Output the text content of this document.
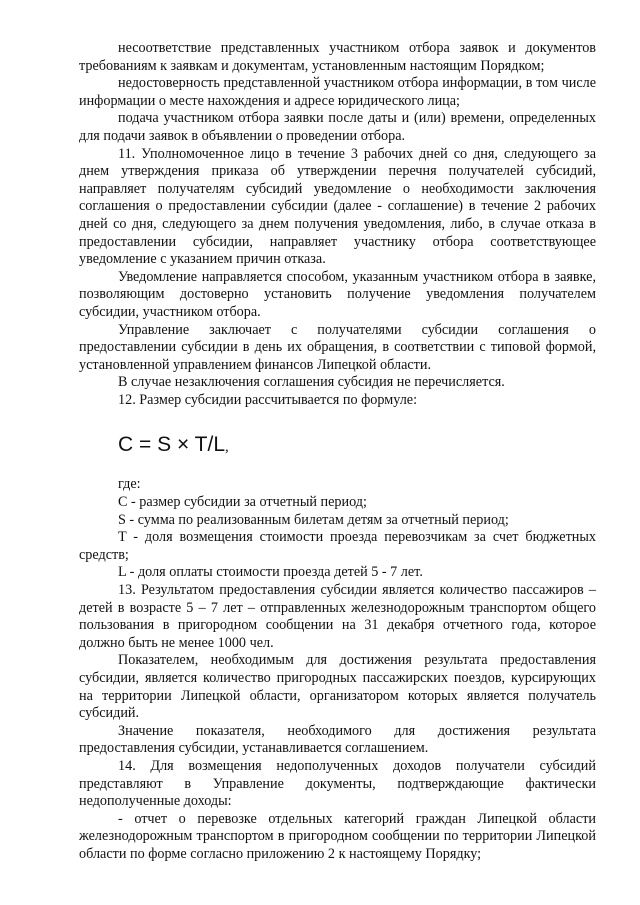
несоответствие представленных участником отбора заявок и документов требованиям к заявкам и документам, установленным настоящим Порядком;

недостоверность представленной участником отбора информации, в том числе информации о месте нахождения и адресе юридического лица;

подача участником отбора заявки после даты и (или) времени, определенных для подачи заявок в объявлении о проведении отбора.

11. Уполномоченное лицо в течение 3 рабочих дней со дня, следующего за днем утверждения приказа об утверждении перечня получателей субсидий, направляет получателям субсидий уведомление о необходимости заключения соглашения о предоставлении субсидии (далее - соглашение) в течение 2 рабочих дней со дня, следующего за днем получения уведомления, либо, в случае отказа в предоставлении субсидии, направляет участнику отбора соответствующее уведомление с указанием причин отказа.

Уведомление направляется способом, указанным участником отбора в заявке, позволяющим достоверно установить получение уведомления получателем субсидии, участником отбора.

Управление заключает с получателями субсидии соглашения о предоставлении субсидии в день их обращения, в соответствии с типовой формой, установленной управлением финансов Липецкой области.

В случае незаключения соглашения субсидия не перечисляется.

12. Размер субсидии рассчитывается по формуле:

C = S × T/L,

где:

C - размер субсидии за отчетный период;

S - сумма по реализованным билетам детям за отчетный период;

T - доля возмещения стоимости проезда перевозчикам за счет бюджетных средств;

L - доля оплаты стоимости проезда детей 5 - 7 лет.

13. Результатом предоставления субсидии является количество пассажиров – детей в возрасте 5 – 7 лет – отправленных железнодорожным транспортом общего пользования в пригородном сообщении на 31 декабря отчетного года, которое должно быть не менее 1000 чел.

Показателем, необходимым для достижения результата предоставления субсидии, является количество пригородных пассажирских поездов, курсирующих на территории Липецкой области, организатором которых является получатель субсидий.

Значение показателя, необходимого для достижения результата предоставления субсидии, устанавливается соглашением.

14. Для возмещения недополученных доходов получатели субсидий представляют в Управление документы, подтверждающие фактически недополученные доходы:

- отчет о перевозке отдельных категорий граждан Липецкой области железнодорожным транспортом в пригородном сообщении по территории Липецкой области по форме согласно приложению 2 к настоящему Порядку;
